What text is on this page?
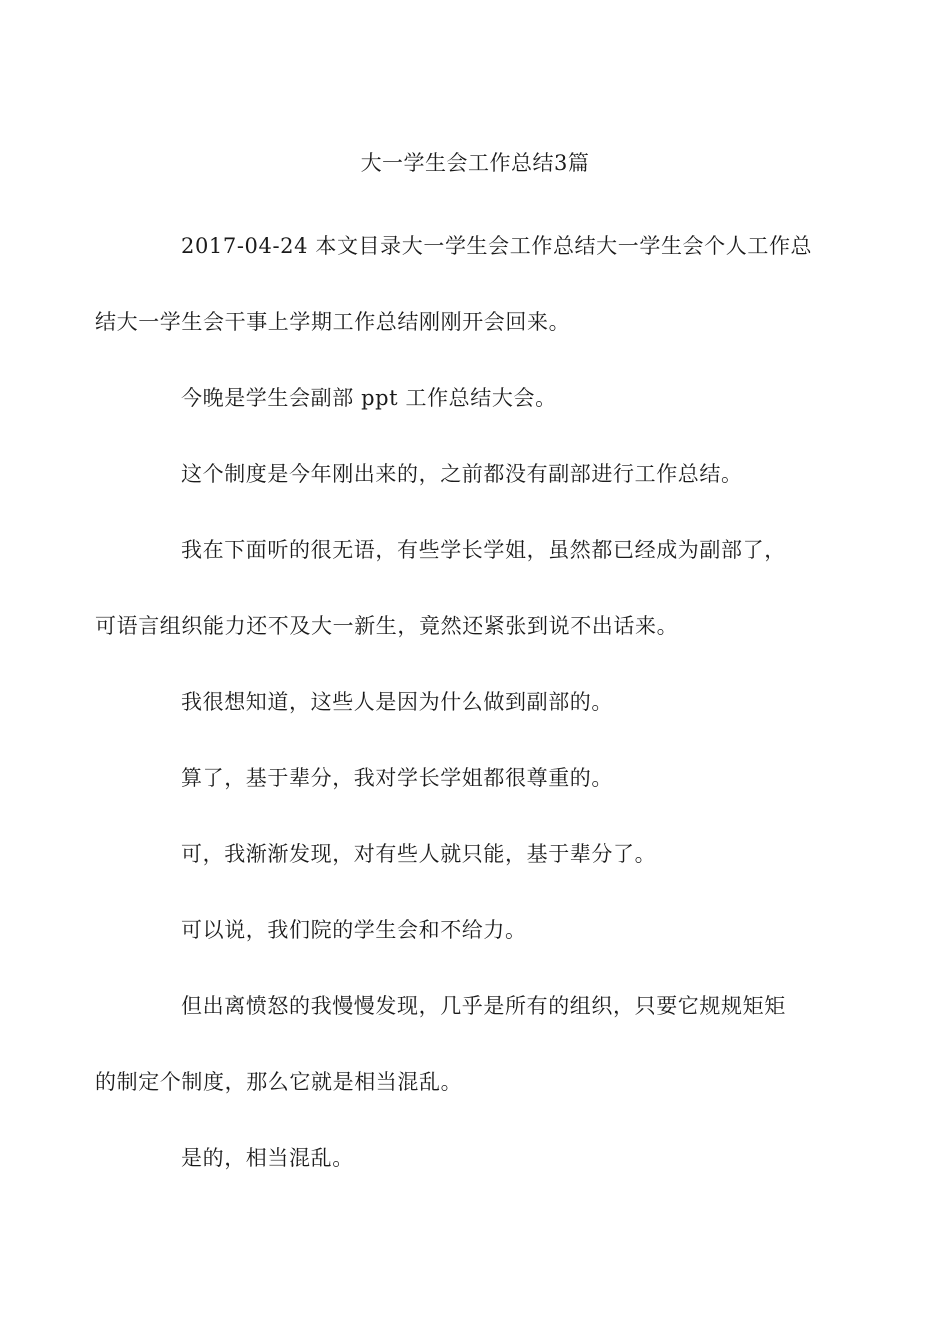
大一学生会工作总结3篇

2017-04-24 本文目录大一学生会工作总结大一学生会个人工作总
结大一学生会干事上学期工作总结刚刚开会回来。

今晚是学生会副部 ppt 工作总结大会。

这个制度是今年刚出来的，之前都没有副部进行工作总结。

我在下面听的很无语，有些学长学姐，虽然都已经成为副部了，
可语言组织能力还不及大一新生，竟然还紧张到说不出话来。

我很想知道，这些人是因为什么做到副部的。

算了，基于辈分，我对学长学姐都很尊重的。

可，我渐渐发现，对有些人就只能，基于辈分了。

可以说，我们院的学生会和不给力。

但出离愤怒的我慢慢发现，几乎是所有的组织，只要它规规矩矩
的制定个制度，那么它就是相当混乱。

是的，相当混乱。
